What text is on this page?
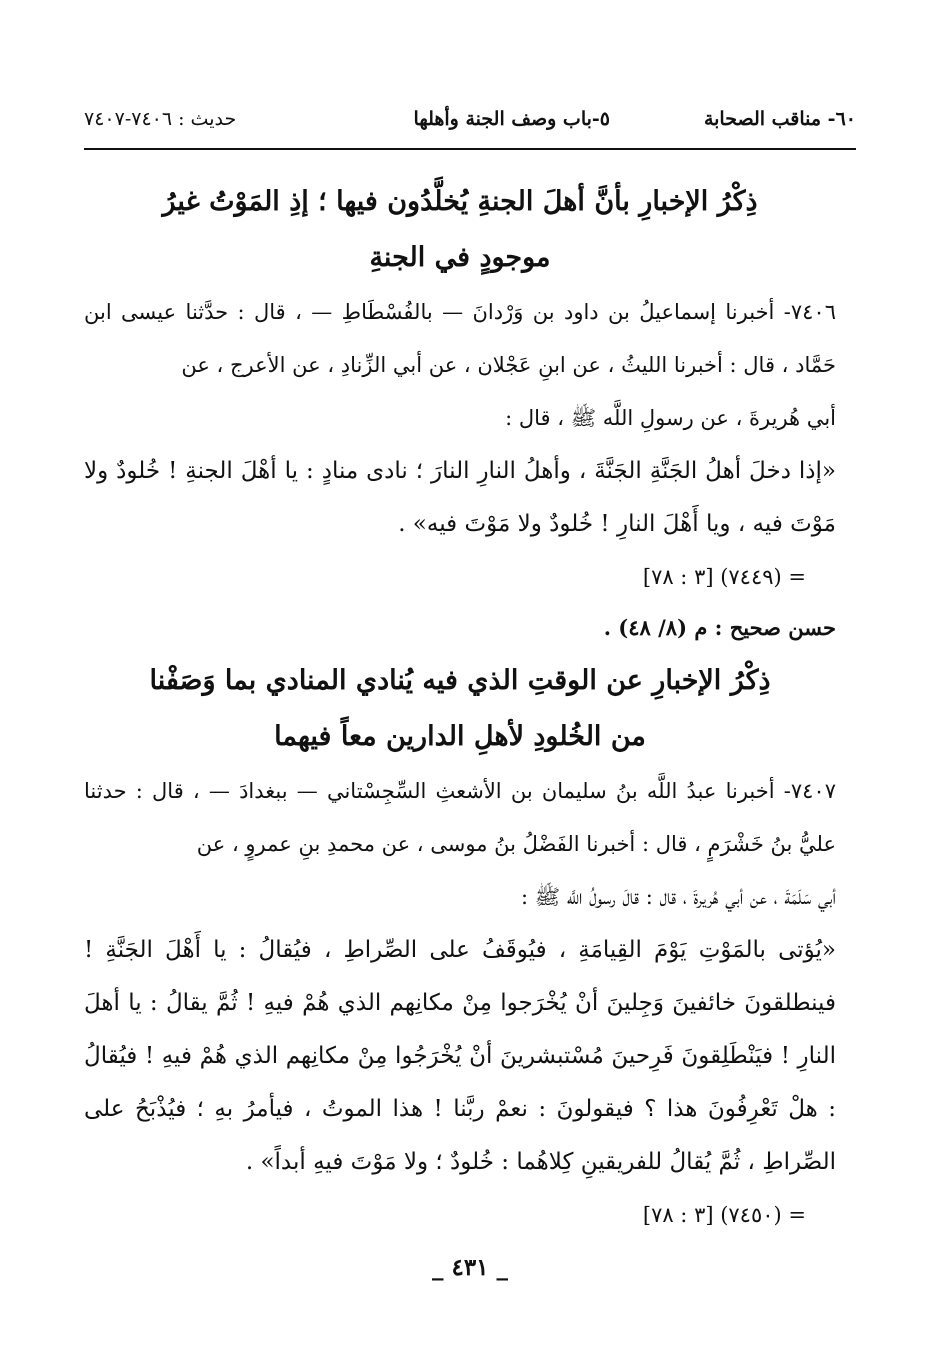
٦٠- مناقب الصحابة
٥-باب وصف الجنة وأهلها
حديث : ٧٤٠٦-٧٤٠٧

ذِكْرُ الإخبارِ بأنَّ أهلَ الجنةِ يُخلَّدُون فيها ؛ إذِ المَوْتُ غيرُ

موجودٍ في الجنةِ

٧٤٠٦- أخبرنا إسماعيلُ بن داود بن وَرْدانَ — بالفُسْطَاطِ — ، قال : حدَّثنا عيسى ابن حَمَّاد ، قال : أخبرنا الليثُ ، عن ابنِ عَجْلان ، عن أبي الزِّنادِ ، عن الأعرج ، عن

أبي هُريرةَ ، عن رسولِ اللَّه ﷺ ، قال :

«إذا دخلَ أهلُ الجَنَّةِ الجَنَّةَ ، وأهلُ النارِ النارَ ؛ نادى منادٍ : يا أهْلَ الجنةِ ! خُلودٌ ولا مَوْتَ فيه ، ويا أَهْلَ النارِ ! خُلودٌ ولا مَوْتَ فيه» .

= (٧٤٤٩) [٣ : ٧٨]

حسن صحيح : م (٨/ ٤٨) .

ذِكْرُ الإخبارِ عن الوقتِ الذي فيه يُنادي المنادي بما وَصَفْنا

من الخُلودِ لأهلِ الدارين معاً فيهما

٧٤٠٧- أخبرنا عبدُ اللَّه بنُ سليمان بن الأشعثِ السِّجِسْتاني — ببغدادَ — ، قال : حدثنا عليُّ بنُ خَشْرَمٍ ، قال : أخبرنا الفَضْلُ بنُ موسى ، عن محمدِ بنِ عمروٍ ، عن

أبي سَلَمَةَ ، عن أبي هُريرةَ ، قال : قالَ رسولُ اللَّه ﷺ :

«يُؤتى بالمَوْتِ يَوْمَ القِيامَةِ ، فيُوقَفُ على الصِّراطِ ، فيُقالُ : يا أَهْلَ الجَنَّةِ ! فينطلقونَ خائفينَ وَجِلينَ أنْ يُخْرَجوا مِنْ مكانِهم الذي هُمْ فيهِ ! ثُمَّ يقالُ : يا أهلَ النارِ ! فيَنْطَلِقونَ فَرِحينَ مُسْتبشرينَ أنْ يُخْرَجُوا مِنْ مكانِهم الذي هُمْ فيهِ ! فيُقالُ : هلْ تَعْرِفُونَ هذا ؟ فيقولونَ : نعمْ ربَّنا ! هذا الموتُ ، فيأمرُ بهِ ؛ فيُذْبَحُ على الصِّراطِ ، ثُمَّ يُقالُ للفريقينِ كِلاهُما : خُلودٌ ؛ ولا مَوْتَ فيهِ أبداً» .

= (٧٤٥٠) [٣ : ٧٨]

_ ٤٣١ _
